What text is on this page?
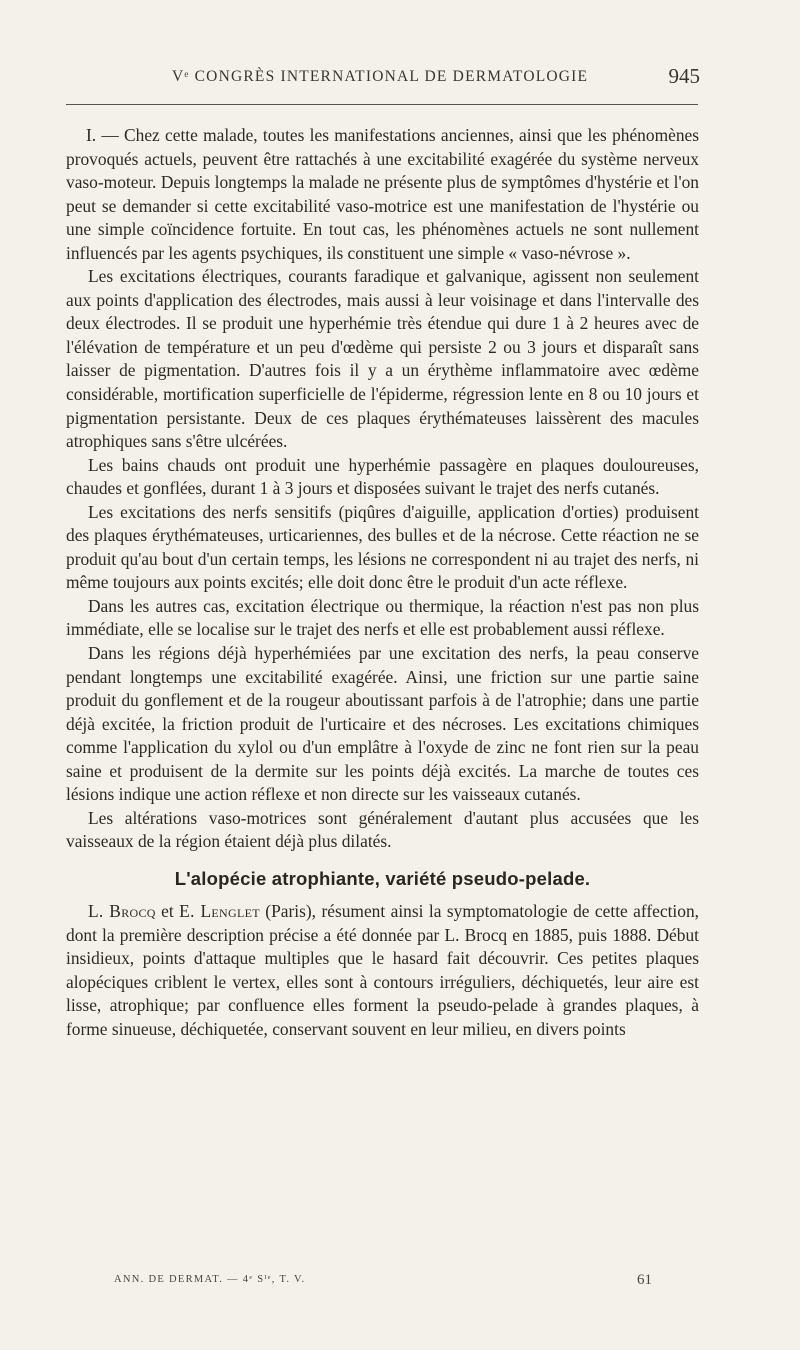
Vᵉ CONGRÈS INTERNATIONAL DE DERMATOLOGIE	945

I. — Chez cette malade, toutes les manifestations anciennes, ainsi que les phénomènes provoqués actuels, peuvent être rattachés à une excitabilité exagérée du système nerveux vaso-moteur. Depuis longtemps la malade ne présente plus de symptômes d'hystérie et l'on peut se demander si cette excitabilité vaso-motrice est une manifestation de l'hystérie ou une simple coïncidence fortuite. En tout cas, les phénomènes actuels ne sont nullement influencés par les agents psychiques, ils constituent une simple « vaso-névrose ».

Les excitations électriques, courants faradique et galvanique, agissent non seulement aux points d'application des électrodes, mais aussi à leur voisinage et dans l'intervalle des deux électrodes. Il se produit une hyperhémie très étendue qui dure 1 à 2 heures avec de l'élévation de température et un peu d'œdème qui persiste 2 ou 3 jours et disparaît sans laisser de pigmentation. D'autres fois il y a un érythème inflammatoire avec œdème considérable, mortification superficielle de l'épiderme, régression lente en 8 ou 10 jours et pigmentation persistante. Deux de ces plaques érythémateuses laissèrent des macules atrophiques sans s'être ulcérées.

Les bains chauds ont produit une hyperhémie passagère en plaques douloureuses, chaudes et gonflées, durant 1 à 3 jours et disposées suivant le trajet des nerfs cutanés.

Les excitations des nerfs sensitifs (piqûres d'aiguille, application d'orties) produisent des plaques érythémateuses, urticariennes, des bulles et de la nécrose. Cette réaction ne se produit qu'au bout d'un certain temps, les lésions ne correspondent ni au trajet des nerfs, ni même toujours aux points excités; elle doit donc être le produit d'un acte réflexe.

Dans les autres cas, excitation électrique ou thermique, la réaction n'est pas non plus immédiate, elle se localise sur le trajet des nerfs et elle est probablement aussi réflexe.

Dans les régions déjà hyperhémiées par une excitation des nerfs, la peau conserve pendant longtemps une excitabilité exagérée. Ainsi, une friction sur une partie saine produit du gonflement et de la rougeur aboutissant parfois à de l'atrophie; dans une partie déjà excitée, la friction produit de l'urticaire et des nécroses. Les excitations chimiques comme l'application du xylol ou d'un emplâtre à l'oxyde de zinc ne font rien sur la peau saine et produisent de la dermite sur les points déjà excités. La marche de toutes ces lésions indique une action réflexe et non directe sur les vaisseaux cutanés.

Les altérations vaso-motrices sont généralement d'autant plus accusées que les vaisseaux de la région étaient déjà plus dilatés.

L'alopécie atrophiante, variété pseudo-pelade.

L. Brocq et E. Lenglet (Paris), résument ainsi la symptomatologie de cette affection, dont la première description précise a été donnée par L. Brocq en 1885, puis 1888. Début insidieux, points d'attaque multiples que le hasard fait découvrir. Ces petites plaques alopéciques criblent le vertex, elles sont à contours irréguliers, déchiquetés, leur aire est lisse, atrophique; par confluence elles forment la pseudo-pelade à grandes plaques, à forme sinueuse, déchiquetée, conservant souvent en leur milieu, en divers points

ANN. DE DERMAT. — 4ᵉ Sᴵᵉ, T. V.	61
